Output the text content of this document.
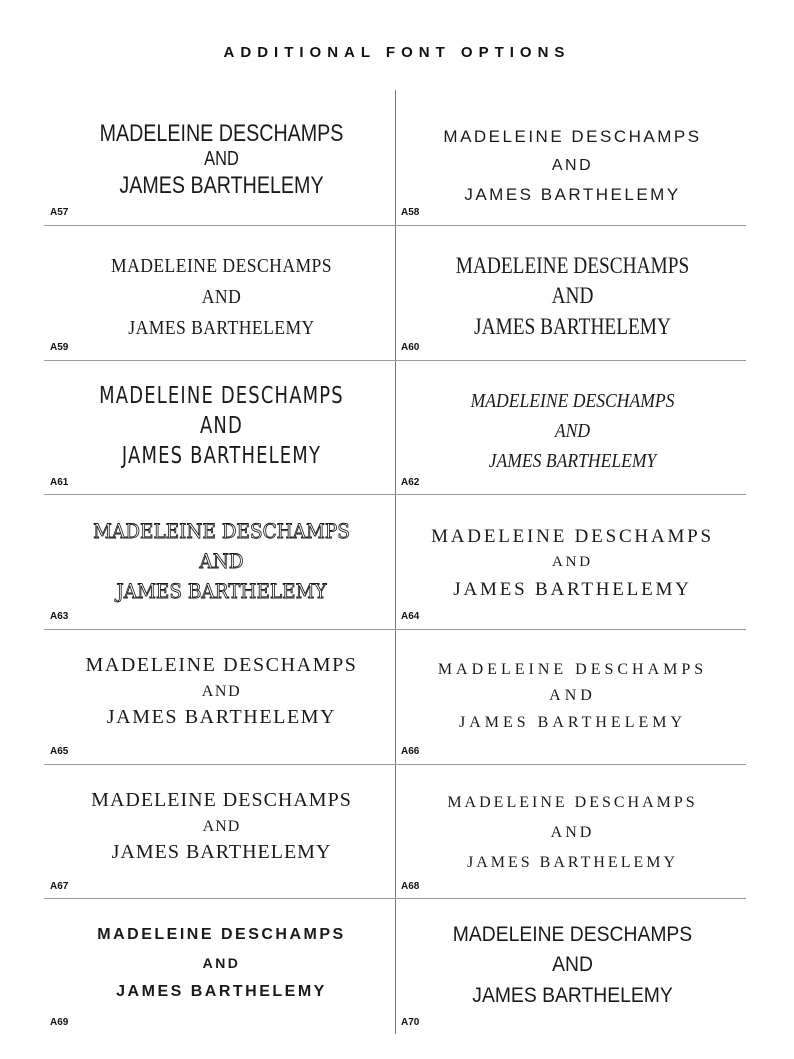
ADDITIONAL FONT OPTIONS
MADELEINE DESCHAMPS
AND
JAMES BARTHELEMY
A57
MADELEINE DESCHAMPS
AND
JAMES BARTHELEMY
A58
MADELEINE DESCHAMPS
AND
JAMES BARTHELEMY
A59
MADELEINE DESCHAMPS
AND
JAMES BARTHELEMY
A60
MADELEINE DESCHAMPS
AND
JAMES BARTHELEMY
A61
MADELEINE DESCHAMPS
AND
JAMES BARTHELEMY
A62
MADELEINE DESCHAMPS
AND
JAMES BARTHELEMY
A63
MADELEINE DESCHAMPS
AND
JAMES BARTHELEMY
A64
MADELEINE DESCHAMPS
AND
JAMES BARTHELEMY
A65
MADELEINE DESCHAMPS
AND
JAMES BARTHELEMY
A66
MADELEINE DESCHAMPS
AND
JAMES BARTHELEMY
A67
MADELEINE DESCHAMPS
AND
JAMES BARTHELEMY
A68
MADELEINE DESCHAMPS
AND
JAMES BARTHELEMY
A69
MADELEINE DESCHAMPS
AND
JAMES BARTHELEMY
A70
